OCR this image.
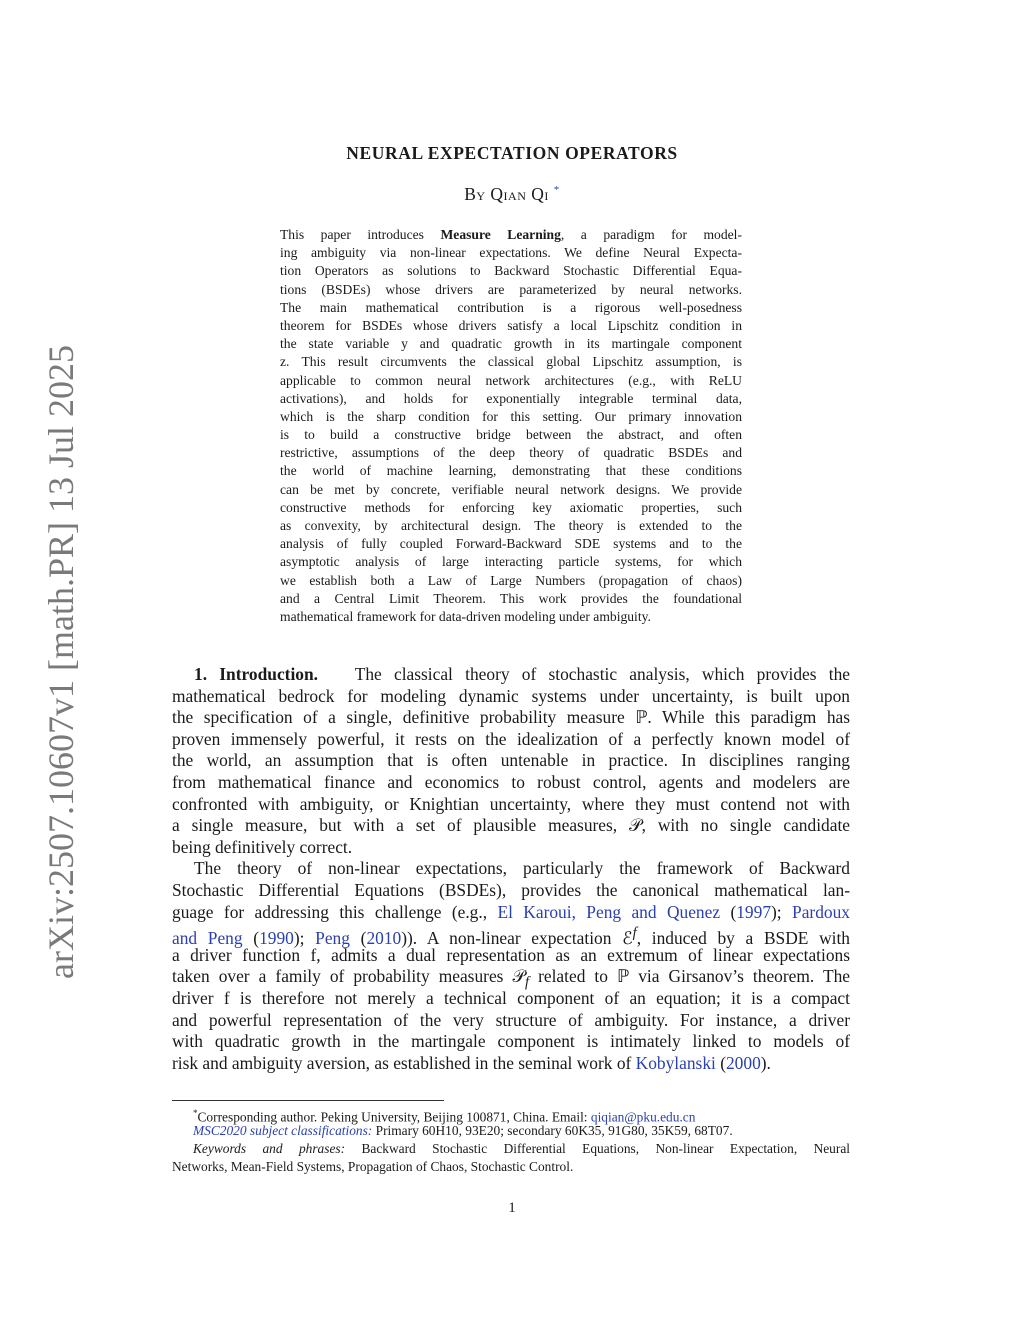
arXiv:2507.10607v1 [math.PR] 13 Jul 2025
NEURAL EXPECTATION OPERATORS
By Qian Qi *
This paper introduces Measure Learning, a paradigm for model-
ing ambiguity via non-linear expectations. We define Neural Expecta-
tion Operators as solutions to Backward Stochastic Differential Equa-
tions (BSDEs) whose drivers are parameterized by neural networks.
The main mathematical contribution is a rigorous well-posedness
theorem for BSDEs whose drivers satisfy a local Lipschitz condition in
the state variable y and quadratic growth in its martingale component
z. This result circumvents the classical global Lipschitz assumption, is
applicable to common neural network architectures (e.g., with ReLU
activations), and holds for exponentially integrable terminal data,
which is the sharp condition for this setting. Our primary innovation
is to build a constructive bridge between the abstract, and often
restrictive, assumptions of the deep theory of quadratic BSDEs and
the world of machine learning, demonstrating that these conditions
can be met by concrete, verifiable neural network designs. We provide
constructive methods for enforcing key axiomatic properties, such
as convexity, by architectural design. The theory is extended to the
analysis of fully coupled Forward-Backward SDE systems and to the
asymptotic analysis of large interacting particle systems, for which
we establish both a Law of Large Numbers (propagation of chaos)
and a Central Limit Theorem. This work provides the foundational
mathematical framework for data-driven modeling under ambiguity.
1. Introduction. The classical theory of stochastic analysis, which provides the
mathematical bedrock for modeling dynamic systems under uncertainty, is built upon
the specification of a single, definitive probability measure ℙ. While this paradigm has
proven immensely powerful, it rests on the idealization of a perfectly known model of
the world, an assumption that is often untenable in practice. In disciplines ranging
from mathematical finance and economics to robust control, agents and modelers are
confronted with ambiguity, or Knightian uncertainty, where they must contend not with
a single measure, but with a set of plausible measures, 𝒫, with no single candidate
being definitively correct.
The theory of non-linear expectations, particularly the framework of Backward
Stochastic Differential Equations (BSDEs), provides the canonical mathematical lan-
guage for addressing this challenge (e.g., El Karoui, Peng and Quenez (1997); Pardoux
and Peng (1990); Peng (2010)). A non-linear expectation ℰ$^f$, induced by a BSDE with
a driver function f, admits a dual representation as an extremum of linear expectations
taken over a family of probability measures 𝒫$_f$ related to ℙ via Girsanov’s theorem. The
driver f is therefore not merely a technical component of an equation; it is a compact
and powerful representation of the very structure of ambiguity. For instance, a driver
with quadratic growth in the martingale component is intimately linked to models of
risk and ambiguity aversion, as established in the seminal work of Kobylanski (2000).
*Corresponding author. Peking University, Beijing 100871, China. Email: qiqian@pku.edu.cn
MSC2020 subject classifications: Primary 60H10, 93E20; secondary 60K35, 91G80, 35K59, 68T07.
Keywords and phrases: Backward Stochastic Differential Equations, Non-linear Expectation, Neural
Networks, Mean-Field Systems, Propagation of Chaos, Stochastic Control.
1
